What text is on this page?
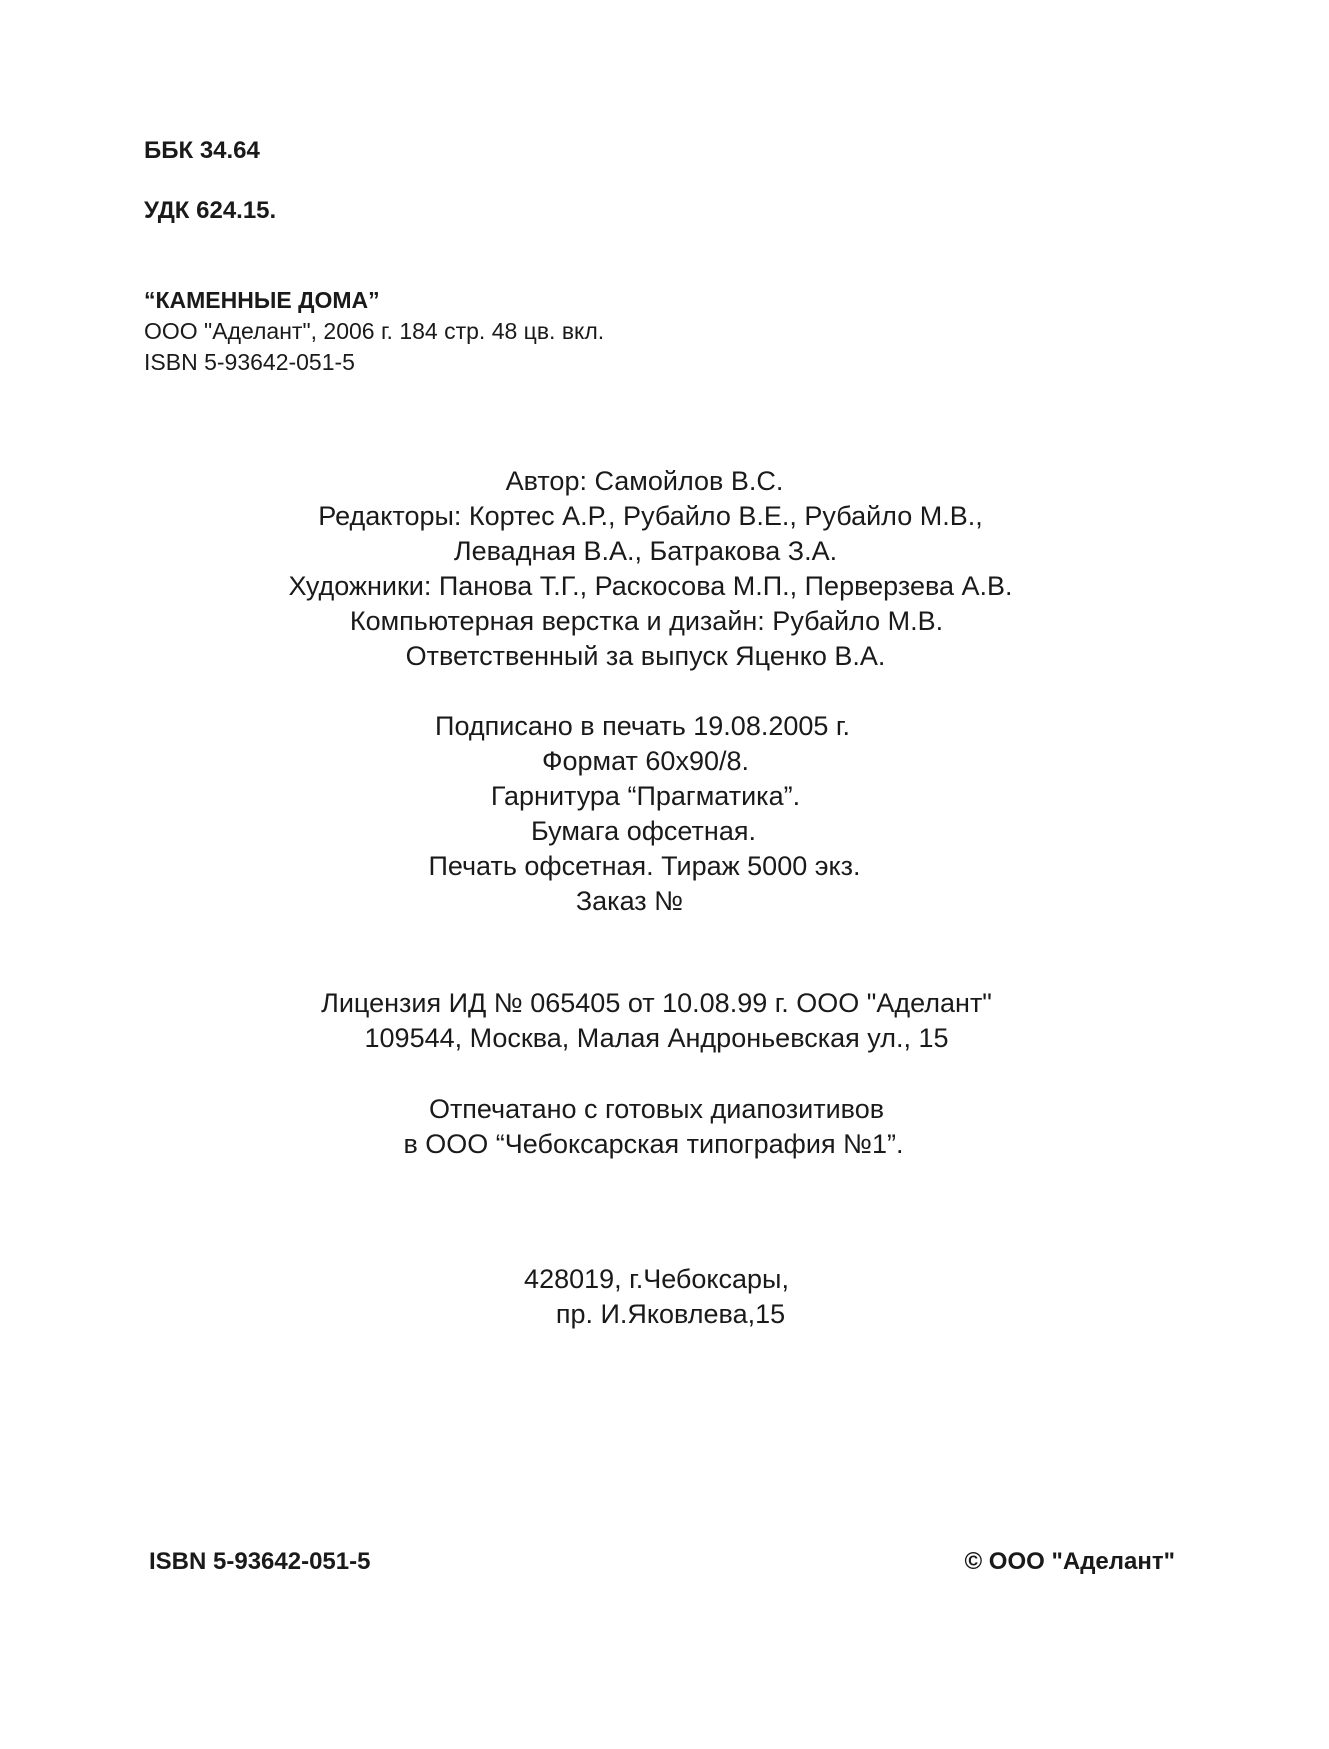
ББК 34.64
УДК 624.15.
“КАМЕННЫЕ ДОМА”
ООО "Аделант", 2006 г. 184 стр. 48 цв. вкл.
ISBN 5-93642-051-5
Автор: Самойлов В.С.
Редакторы: Кортес А.Р., Рубайло В.Е., Рубайло М.В.,
Левадная В.А., Батракова З.А.
Художники: Панова Т.Г., Раскосова М.П., Перверзева А.В.
Компьютерная верстка и дизайн: Рубайло М.В.
Ответственный за выпуск Яценко В.А.
Подписано в печать 19.08.2005 г.
Формат 60x90/8.
Гарнитура “Прагматика”.
Бумага офсетная.
Печать офсетная. Тираж 5000 экз.
Заказ №
Лицензия ИД № 065405 от 10.08.99 г. ООО "Аделант"
109544, Москва, Малая Андроньевская ул., 15
Отпечатано с готовых диапозитивов
в ООО “Чебоксарская типография №1”.
428019, г.Чебоксары,
пр. И.Яковлева,15
ISBN 5-93642-051-5	© ООО "Аделант"
